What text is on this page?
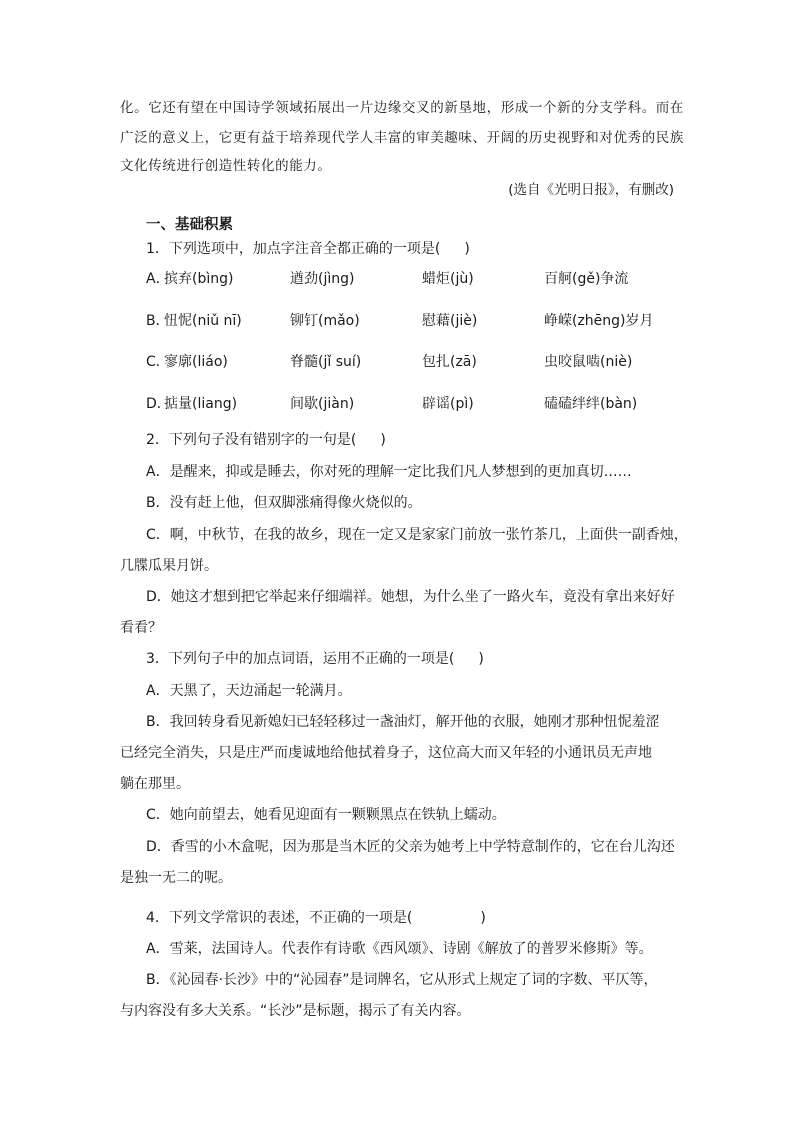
化。它还有望在中国诗学领域拓展出一片边缘交叉的新垦地，形成一个新的分支学科。而在
广泛的意义上，它更有益于培养现代学人丰富的审美趣味、开阔的历史视野和对优秀的民族
文化传统进行创造性转化的能力。
(选自《光明日报》，有删改)
一、基础积累
1．下列选项中，加点字注音全都正确的一项是( )
A．
摈弃(bìng)	遒劲(jìng)	蜡炬(jù)	百舸(gě)争流
B．
忸怩(niǔ nī)	铆钉(mǎo)	慰藉(jiè)	峥嵘(zhēng)岁月
C．
寥廓(liáo)	脊髓(jǐ suí)	包扎(zā)	虫咬鼠啮(niè)
D．
掂量(liang)	间歇(jiàn)	辟谣(pì)	磕磕绊绊(bàn)
2．下列句子没有错别字的一句是( )
A．是醒来，抑或是睡去，你对死的理解一定比我们凡人梦想到的更加真切……
B．没有赶上他，但双脚涨痛得像火烧似的。
C．啊，中秋节，在我的故乡，现在一定又是家家门前放一张竹茶几，上面供一副香烛，
几牒瓜果月饼。
D．她这才想到把它举起来仔细端祥。她想，为什么坐了一路火车，竟没有拿出来好好
看看？
3．下列句子中的加点词语，运用不正确的一项是( )
A．天黑了，天边涌起一轮满月。
B．我回转身看见新媳妇已轻轻移过一盏油灯，解开他的衣服，她刚才那种忸怩羞涩
已经完全消失，只是庄严而虔诚地给他拭着身子，这位高大而又年轻的小通讯员无声地
躺在那里。
C．她向前望去，她看见迎面有一颗颗黑点在铁轨上蠕动。
D．香雪的小木盒呢，因为那是当木匠的父亲为她考上中学特意制作的，它在台儿沟还
是独一无二的呢。
4．下列文学常识的表述，不正确的一项是(	)
A．雪莱，法国诗人。代表作有诗歌《西风颂》、诗剧《解放了的普罗米修斯》等。
B．《沁园春·长沙》中的“沁园春”是词牌名，它从形式上规定了词的字数、平仄等，
与内容没有多大关系。“长沙”是标题，揭示了有关内容。
